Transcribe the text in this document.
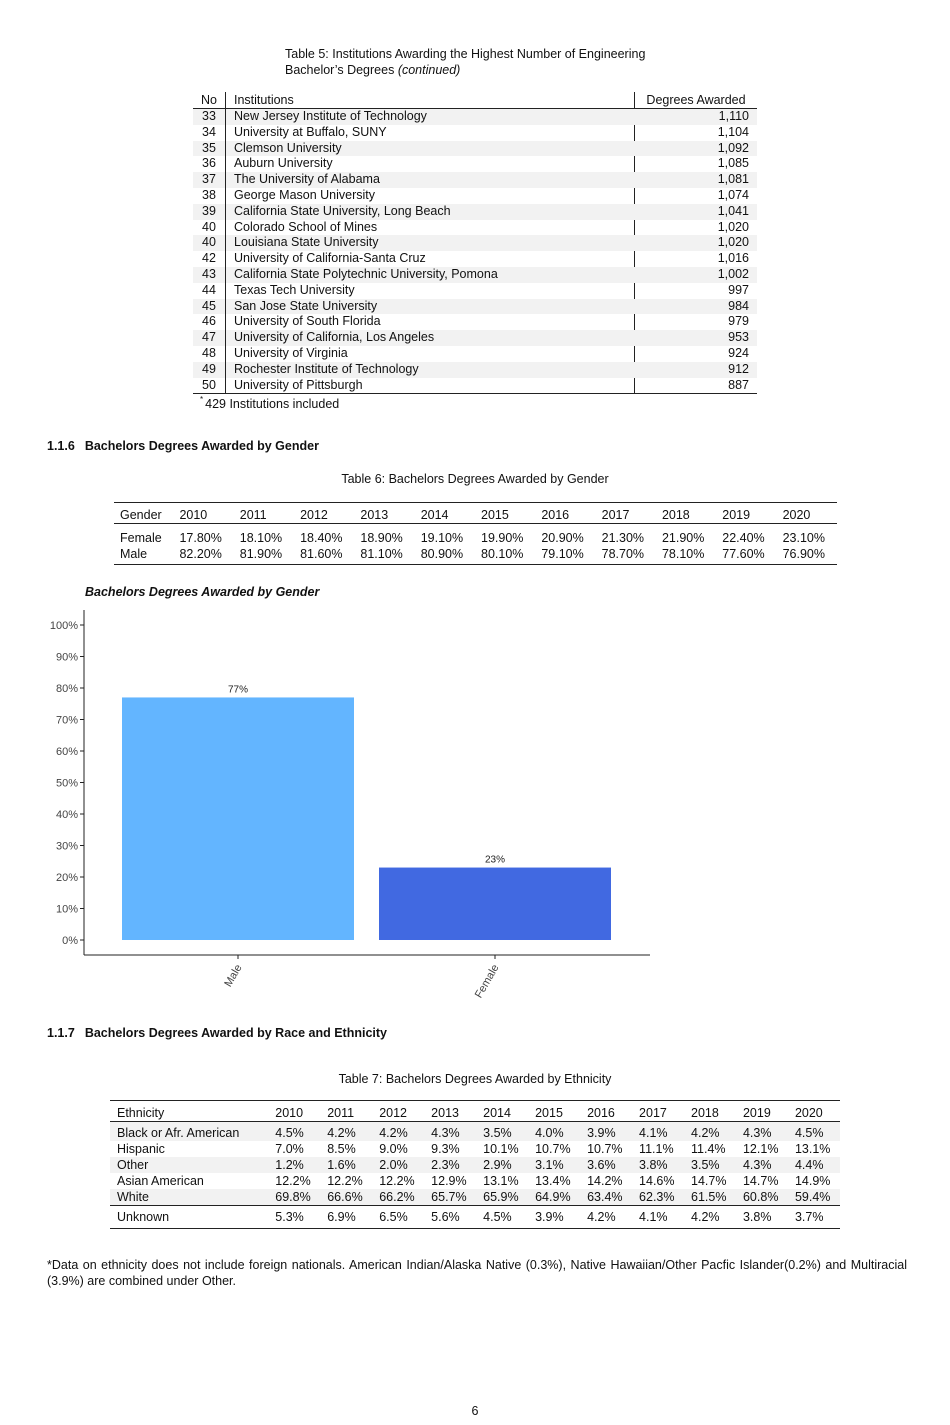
Table 5: Institutions Awarding the Highest Number of Engineering
Bachelor’s Degrees (continued)
No	Institutions	Degrees Awarded
33	New Jersey Institute of Technology	1,110
34	University at Buffalo, SUNY	1,104
35	Clemson University	1,092
36	Auburn University	1,085
37	The University of Alabama	1,081
38	George Mason University	1,074
39	California State University, Long Beach	1,041
40	Colorado School of Mines	1,020
40	Louisiana State University	1,020
42	University of California-Santa Cruz	1,016
43	California State Polytechnic University, Pomona	1,002
44	Texas Tech University	997
45	San Jose State University	984
46	University of South Florida	979
47	University of California, Los Angeles	953
48	University of Virginia	924
49	Rochester Institute of Technology	912
50	University of Pittsburgh	887
* 429 Institutions included
1.1.6 Bachelors Degrees Awarded by Gender
Table 6: Bachelors Degrees Awarded by Gender
Gender	2010	2011	2012	2013	2014	2015	2016	2017	2018	2019	2020
Female	17.80%	18.10%	18.40%	18.90%	19.10%	19.90%	20.90%	21.30%	21.90%	22.40%	23.10%
Male	82.20%	81.90%	81.60%	81.10%	80.90%	80.10%	79.10%	78.70%	78.10%	77.60%	76.90%
Bachelors Degrees Awarded by Gender
0%
10%
20%
30%
40%
50%
60%
70%
80%
90%
100%
77%
Male
23%
Female
1.1.7 Bachelors Degrees Awarded by Race and Ethnicity
Table 7: Bachelors Degrees Awarded by Ethnicity
Ethnicity	2010	2011	2012	2013	2014	2015	2016	2017	2018	2019	2020
Black or Afr. American	4.5%	4.2%	4.2%	4.3%	3.5%	4.0%	3.9%	4.1%	4.2%	4.3%	4.5%
Hispanic	7.0%	8.5%	9.0%	9.3%	10.1%	10.7%	10.7%	11.1%	11.4%	12.1%	13.1%
Other	1.2%	1.6%	2.0%	2.3%	2.9%	3.1%	3.6%	3.8%	3.5%	4.3%	4.4%
Asian American	12.2%	12.2%	12.2%	12.9%	13.1%	13.4%	14.2%	14.6%	14.7%	14.7%	14.9%
White	69.8%	66.6%	66.2%	65.7%	65.9%	64.9%	63.4%	62.3%	61.5%	60.8%	59.4%
Unknown	5.3%	6.9%	6.5%	5.6%	4.5%	3.9%	4.2%	4.1%	4.2%	3.8%	3.7%
*Data on ethnicity does not include foreign nationals. American Indian/Alaska Native (0.3%), Native Hawaiian/Other Pacfic Islander(0.2%) and Multiracial (3.9%) are combined under Other.
6
